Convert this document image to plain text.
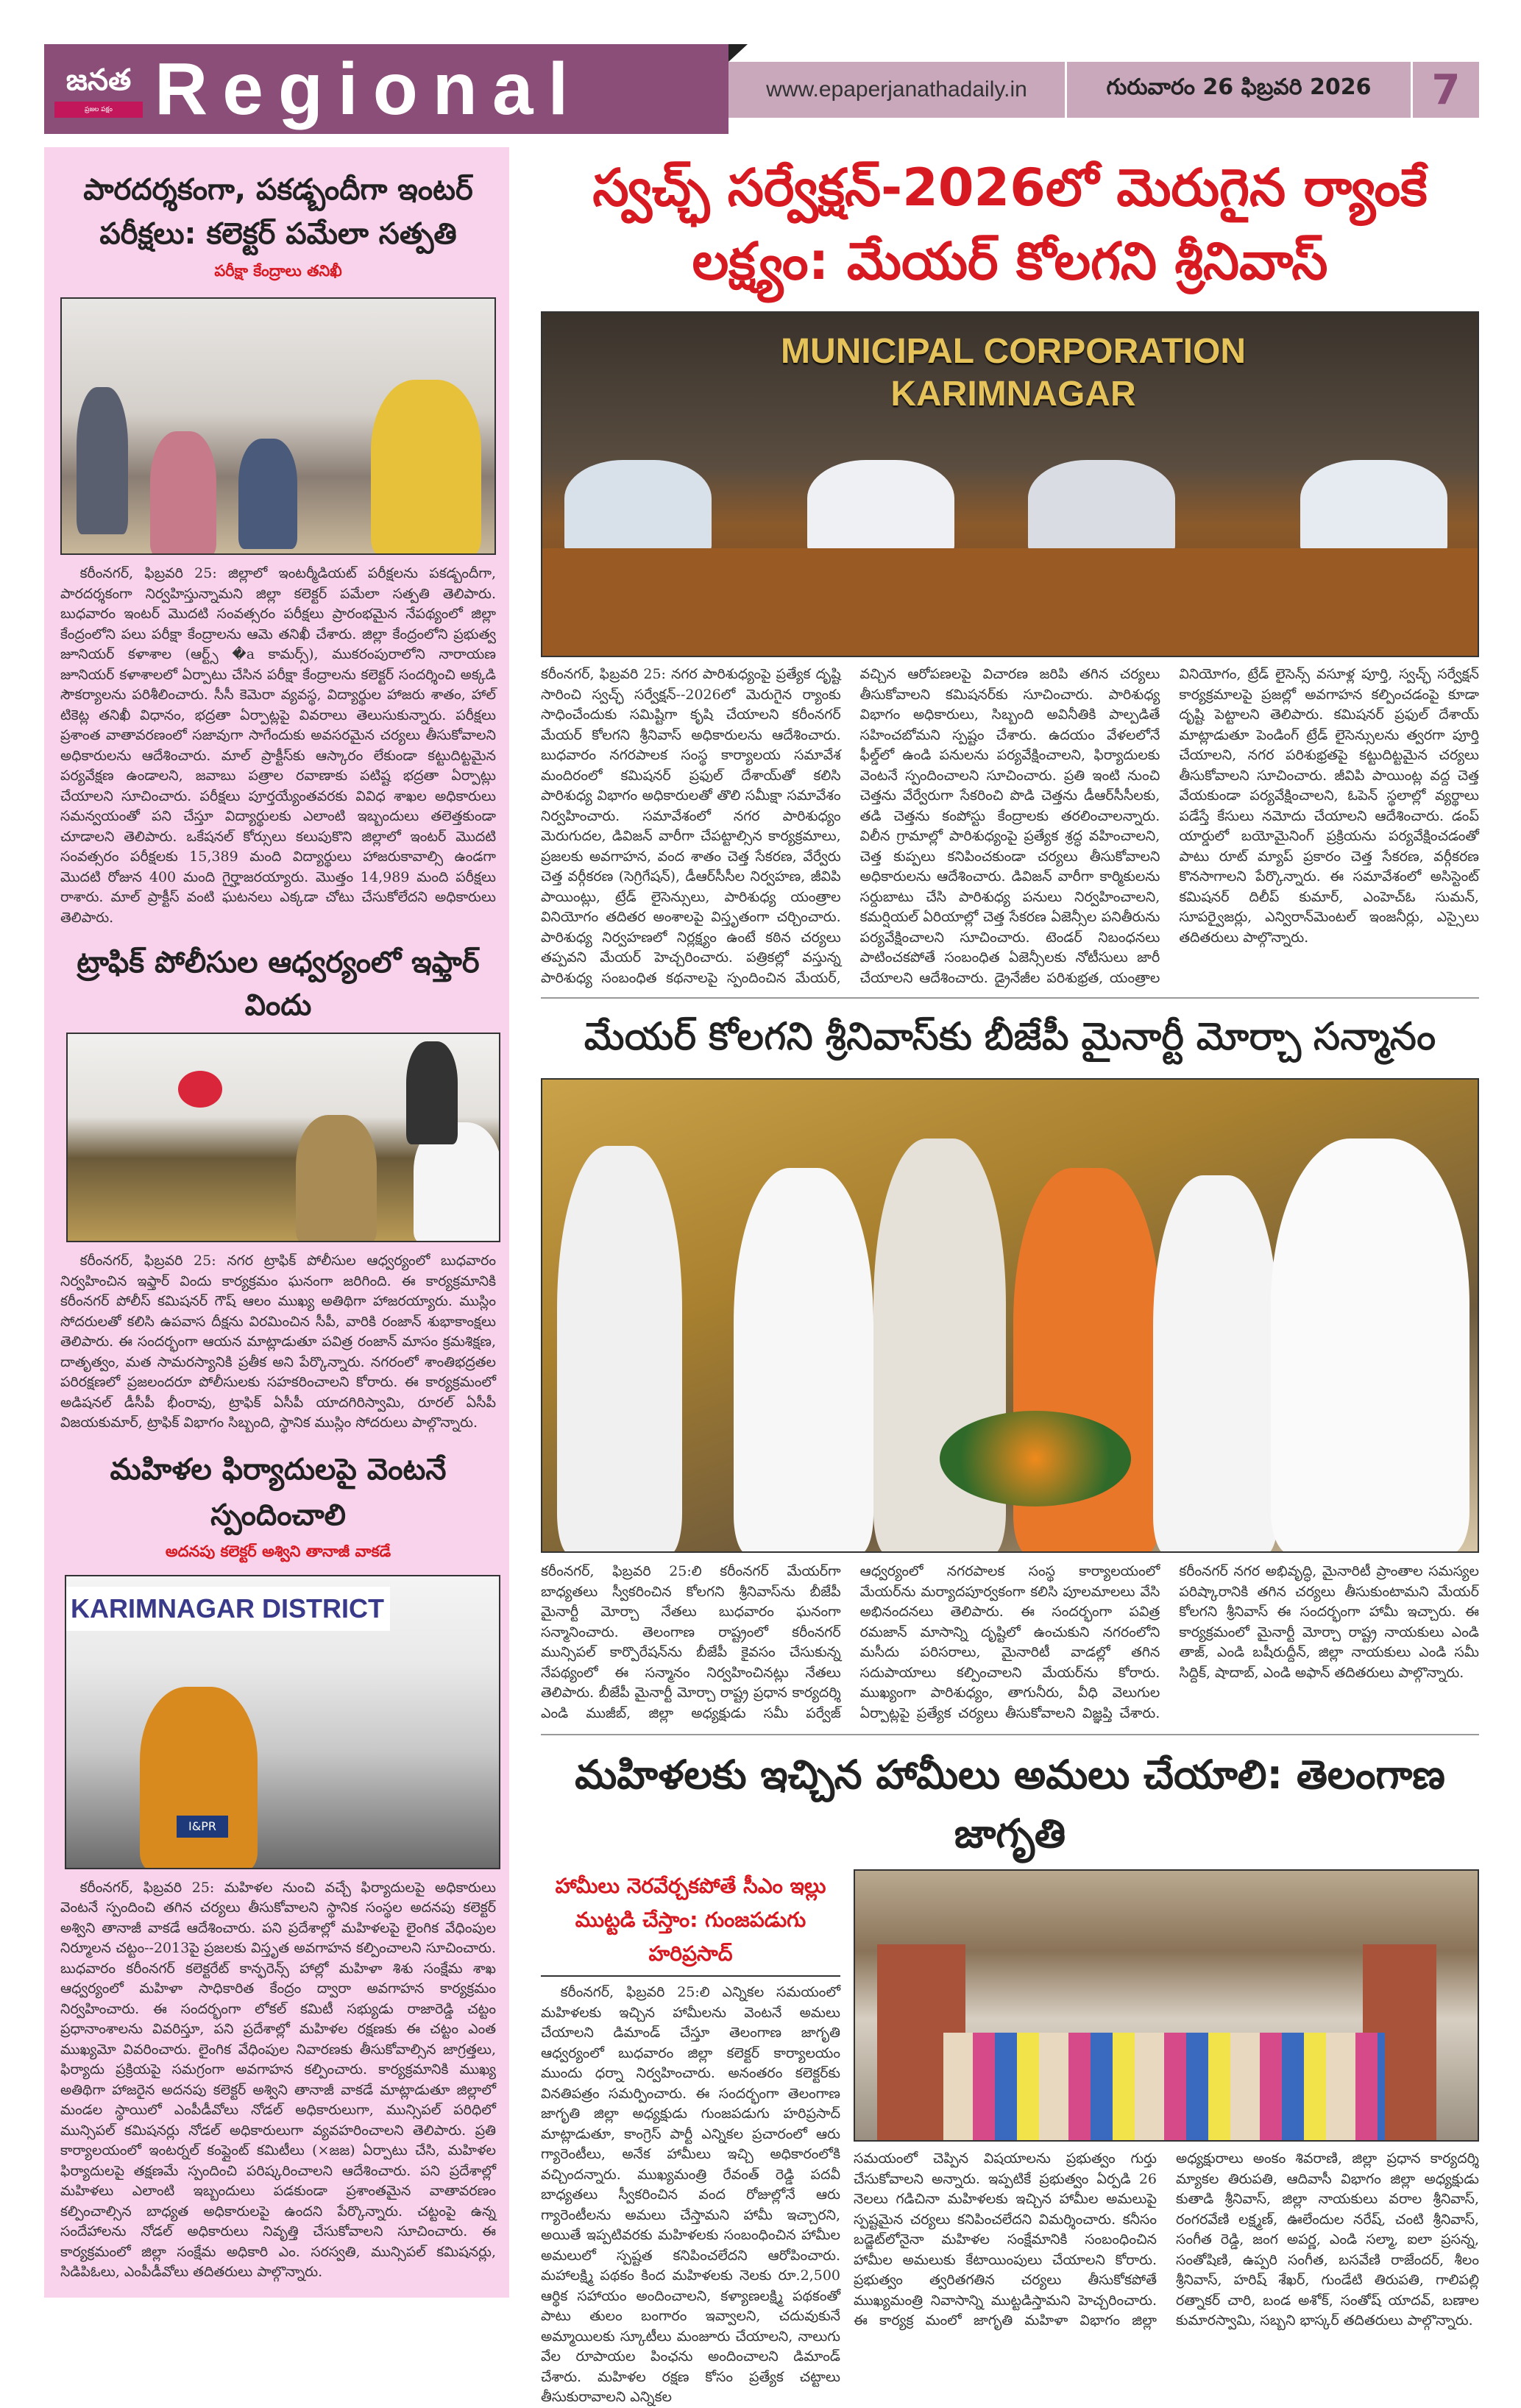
జనత
ప్రజల పక్షం Regional	www.epaperjanathadaily.in	గురువారం 26 ఫిబ్రవరి 2026	7
పారదర్శకంగా, పకడ్బందీగా ఇంటర్ పరీక్షలు: కలెక్టర్ పమేలా సత్పతి
పరీక్షా కేంద్రాలు తనిఖీ
కరీంనగర్, ఫిబ్రవరి 25: జిల్లాలో ఇంటర్మీడియట్ పరీక్షలను పకడ్బందీగా, పారదర్శకంగా నిర్వహిస్తున్నామని జిల్లా కలెక్టర్ పమేలా సత్పతి తెలిపారు. బుధవారం ఇంటర్ మొదటి సంవత్సరం పరీక్షలు ప్రారంభమైన నేపథ్యంలో జిల్లా కేంద్రంలోని పలు పరీక్షా కేంద్రాలను ఆమె తనిఖీ చేశారు. జిల్లా కేంద్రంలోని ప్రభుత్వ జూనియర్ కళాశాల (ఆర్ట్స్ �a కామర్స్), ముకరంపురాలోని నారాయణ జూనియర్ కళాశాలలో ఏర్పాటు చేసిన పరీక్షా కేంద్రాలను కలెక్టర్ సందర్శించి అక్కడి సౌకర్యాలను పరిశీలించారు. సీసీ కెమెరా వ్యవస్థ, విద్యార్థుల హాజరు శాతం, హాల్ టికెట్ల తనిఖీ విధానం, భద్రతా ఏర్పాట్లపై వివరాలు తెలుసుకున్నారు. పరీక్షలు ప్రశాంత వాతావరణంలో సజావుగా సాగేందుకు అవసరమైన చర్యలు తీసుకోవాలని అధికారులను ఆదేశించారు. మాల్ ప్రాక్టీస్‌కు ఆస్కారం లేకుండా కట్టుదిట్టమైన పర్యవేక్షణ ఉండాలని, జవాబు పత్రాల రవాణాకు పటిష్ట భద్రతా ఏర్పాట్లు చేయాలని సూచించారు. పరీక్షలు పూర్తయ్యేంతవరకు వివిధ శాఖల అధికారులు సమన్వయంతో పని చేస్తూ విద్యార్థులకు ఎలాంటి ఇబ్బందులు తలెత్తకుండా చూడాలని తెలిపారు. ఒకేషనల్ కోర్సులు కలుపుకొని జిల్లాలో ఇంటర్ మొదటి సంవత్సరం పరీక్షలకు 15,389 మంది విద్యార్థులు హాజరుకావాల్సి ఉండగా మొదటి రోజున 400 మంది గైర్హాజరయ్యారు. మొత్తం 14,989 మంది పరీక్షలు రాశారు. మాల్ ప్రాక్టీస్ వంటి ఘటనలు ఎక్కడా చోటు చేసుకోలేదని అధికారులు తెలిపారు.
ట్రాఫిక్ పోలీసుల ఆధ్వర్యంలో ఇఫ్తార్ విందు
కరీంనగర్, ఫిబ్రవరి 25: నగర ట్రాఫిక్ పోలీసుల ఆధ్వర్యంలో బుధవారం నిర్వహించిన ఇఫ్తార్ విందు కార్యక్రమం ఘనంగా జరిగింది. ఈ కార్యక్రమానికి కరీంనగర్ పోలీస్ కమిషనర్ గౌష్ ఆలం ముఖ్య అతిథిగా హాజరయ్యారు. ముస్లిం సోదరులతో కలిసి ఉపవాస దీక్షను విరమించిన సీపీ, వారికి రంజాన్ శుభాకాంక్షలు తెలిపారు. ఈ సందర్భంగా ఆయన మాట్లాడుతూ పవిత్ర రంజాన్ మాసం క్రమశిక్షణ, దాతృత్వం, మత సామరస్యానికి ప్రతీక అని పేర్కొన్నారు. నగరంలో శాంతిభద్రతల పరిరక్షణలో ప్రజలందరూ పోలీసులకు సహకరించాలని కోరారు. ఈ కార్యక్రమంలో అడిషనల్ డీసీపీ భీంరావు, ట్రాఫిక్ ఏసీపీ యాదగిరిస్వామి, రూరల్ ఏసీపీ విజయకుమార్, ట్రాఫిక్ విభాగం సిబ్బంది, స్థానిక ముస్లిం సోదరులు పాల్గొన్నారు.
మహిళల ఫిర్యాదులపై వెంటనే స్పందించాలి
అదనపు కలెక్టర్ అశ్విని తానాజీ వాకడే
KARIMNAGAR DISTRICT
I&PR
కరీంనగర్, ఫిబ్రవరి 25: మహిళల నుంచి వచ్చే ఫిర్యాదులపై అధికారులు వెంటనే స్పందించి తగిన చర్యలు తీసుకోవాలని స్థానిక సంస్థల అదనపు కలెక్టర్ అశ్విని తానాజీ వాకడే ఆదేశించారు. పని ప్రదేశాల్లో మహిళలపై లైంగిక వేధింపుల నిర్మూలన చట్టం--2013పై ప్రజలకు విస్తృత అవగాహన కల్పించాలని సూచించారు. బుధవారం కరీంనగర్ కలెక్టరేట్ కాన్ఫరెన్స్ హాల్లో మహిళా శిశు సంక్షేమ శాఖ ఆధ్వర్యంలో మహిళా సాధికారిత కేంద్రం ద్వారా అవగాహన కార్యక్రమం నిర్వహించారు. ఈ సందర్భంగా లోకల్ కమిటీ సభ్యుడు రాజారెడ్డి చట్టం ప్రధానాంశాలను వివరిస్తూ, పని ప్రదేశాల్లో మహిళల రక్షణకు ఈ చట్టం ఎంత ముఖ్యమో వివరించారు. లైంగిక వేధింపుల నివారణకు తీసుకోవాల్సిన జాగ్రత్తలు, ఫిర్యాదు ప్రక్రియపై సమగ్రంగా అవగాహన కల్పించారు. కార్యక్రమానికి ముఖ్య అతిథిగా హాజరైన అదనపు కలెక్టర్ అశ్విని తానాజీ వాకడే మాట్లాడుతూ జిల్లాలో మండల స్థాయిలో ఎంపీడీవోలు నోడల్ అధికారులుగా, మున్సిపల్ పరిధిలో మున్సిపల్ కమిషనర్లు నోడల్ అధికారులుగా వ్యవహరించాలని తెలిపారు. ప్రతి కార్యాలయంలో ఇంటర్నల్ కంప్లైంట్ కమిటీలు (×జజ) ఏర్పాటు చేసి, మహిళల ఫిర్యాదులపై తక్షణమే స్పందించి పరిష్కరించాలని ఆదేశించారు. పని ప్రదేశాల్లో మహిళలు ఎలాంటి ఇబ్బందులు పడకుండా ప్రశాంతమైన వాతావరణం కల్పించాల్సిన బాధ్యత అధికారులపై ఉందని పేర్కొన్నారు. చట్టంపై ఉన్న సందేహాలను నోడల్ అధికారులు నివృత్తి చేసుకోవాలని సూచించారు. ఈ కార్యక్రమంలో జిల్లా సంక్షేమ అధికారి ఎం. సరస్వతి, మున్సిపల్ కమిషనర్లు, సిడిపిఓలు, ఎంపీడీవోలు తదితరులు పాల్గొన్నారు.
స్వచ్ఛ్ సర్వేక్షన్-2026లో మెరుగైన ర్యాంకే లక్ష్యం: మేయర్ కోలగని శ్రీనివాస్
MUNICIPAL CORPORATION KARIMNAGAR
కరీంనగర్, ఫిబ్రవరి 25: నగర పారిశుధ్యంపై ప్రత్యేక దృష్టి సారించి స్వచ్ఛ్ సర్వేక్షన్--2026లో మెరుగైన ర్యాంకు సాధించేందుకు సమిష్టిగా కృషి చేయాలని కరీంనగర్ మేయర్ కోలగని శ్రీనివాస్ అధికారులను ఆదేశించారు. బుధవారం నగరపాలక సంస్థ కార్యాలయ సమావేశ మందిరంలో కమిషనర్ ప్రఫుల్ దేశాయ్‌తో కలిసి పారిశుధ్య విభాగం అధికారులతో తొలి సమీక్షా సమావేశం నిర్వహించారు. సమావేశంలో నగర పారిశుధ్యం మెరుగుదల, డివిజన్ వారీగా చేపట్టాల్సిన కార్యక్రమాలు, ప్రజలకు అవగాహన, వంద శాతం చెత్త సేకరణ, వేర్వేరు చెత్త వర్గీకరణ (సెగ్రిగేషన్), డీఆర్‌సీసీల నిర్వహణ, జీవిపి పాయింట్లు, ట్రేడ్ లైసెన్సులు, పారిశుధ్య యంత్రాల వినియోగం తదితర అంశాలపై విస్తృతంగా చర్చించారు. పారిశుధ్య నిర్వహణలో నిర్లక్ష్యం ఉంటే కఠిన చర్యలు తప్పవని మేయర్ హెచ్చరించారు. పత్రికల్లో వస్తున్న పారిశుధ్య సంబంధిత కథనాలపై స్పందించిన మేయర్, వచ్చిన ఆరోపణలపై విచారణ జరిపి తగిన చర్యలు తీసుకోవాలని కమిషనర్‌కు సూచించారు. పారిశుధ్య విభాగం అధికారులు, సిబ్బంది అవినీతికి పాల్పడితే సహించబోమని స్పష్టం చేశారు. ఉదయం వేళలలోనే ఫీల్డ్‌లో ఉండి పనులను పర్యవేక్షించాలని, ఫిర్యాదులకు వెంటనే స్పందించాలని సూచించారు. ప్రతి ఇంటి నుంచి చెత్తను వేర్వేరుగా సేకరించి పొడి చెత్తను డీఆర్‌సీసీలకు, తడి చెత్తను కంపోస్టు కేంద్రాలకు తరలించాలన్నారు. విలీన గ్రామాల్లో పారిశుధ్యంపై ప్రత్యేక శ్రద్ధ వహించాలని, చెత్త కుప్పలు కనిపించకుండా చర్యలు తీసుకోవాలని అధికారులను ఆదేశించారు. డివిజన్ వారీగా కార్మికులను సర్దుబాటు చేసి పారిశుధ్య పనులు నిర్వహించాలని, కమర్షియల్ ఏరియాల్లో చెత్త సేకరణ ఏజెన్సీల పనితీరును పర్యవేక్షించాలని సూచించారు. టెండర్ నిబంధనలు పాటించకపోతే సంబంధిత ఏజెన్సీలకు నోటీసులు జారీ చేయాలని ఆదేశించారు. డ్రైనేజీల పరిశుభ్రత, యంత్రాల వినియోగం, ట్రేడ్ లైసెన్స్ వసూళ్ల పూర్తి, స్వచ్ఛ్ సర్వేక్షన్ కార్యక్రమాలపై ప్రజల్లో అవగాహన కల్పించడంపై కూడా దృష్టి పెట్టాలని తెలిపారు. కమిషనర్ ప్రఫుల్ దేశాయ్ మాట్లాడుతూ పెండింగ్ ట్రేడ్ లైసెన్సులను త్వరగా పూర్తి చేయాలని, నగర పరిశుభ్రతపై కట్టుదిట్టమైన చర్యలు తీసుకోవాలని సూచించారు. జీవిపి పాయింట్ల వద్ద చెత్త వేయకుండా పర్యవేక్షించాలని, ఓపెన్ స్థలాల్లో వ్యర్థాలు పడేస్తే కేసులు నమోదు చేయాలని ఆదేశించారు. డంప్ యార్డులో బయోమైనింగ్ ప్రక్రియను పర్యవేక్షించడంతో పాటు రూట్ మ్యాప్ ప్రకారం చెత్త సేకరణ, వర్గీకరణ కొనసాగాలని పేర్కొన్నారు. ఈ సమావేశంలో అసిస్టెంట్ కమిషనర్ దిలీప్ కుమార్, ఎంహెచ్‌ఓ సుమన్, సూపర్వైజర్లు, ఎన్విరాన్‌మెంటల్ ఇంజనీర్లు, ఎస్సైలు తదితరులు పాల్గొన్నారు.
మేయర్ కోలగని శ్రీనివాస్‌కు బీజేపీ మైనార్టీ మోర్చా సన్మానం
కరీంనగర్, ఫిబ్రవరి 25:లి కరీంనగర్ మేయర్‌గా బాధ్యతలు స్వీకరించిన కోలగని శ్రీనివాస్‌ను బీజేపీ మైనార్టీ మోర్చా నేతలు బుధవారం ఘనంగా సన్మానించారు. తెలంగాణ రాష్ట్రంలో కరీంనగర్ మున్సిపల్ కార్పొరేషన్‌ను బీజేపీ కైవసం చేసుకున్న నేపథ్యంలో ఈ సన్మానం నిర్వహించినట్లు నేతలు తెలిపారు. బీజేపీ మైనార్టీ మోర్చా రాష్ట్ర ప్రధాన కార్యదర్శి ఎండి ముజీబ్, జిల్లా అధ్యక్షుడు సమీ పర్వేజ్ ఆధ్వర్యంలో నగరపాలక సంస్థ కార్యాలయంలో మేయర్‌ను మర్యాదపూర్వకంగా కలిసి పూలమాలలు వేసి అభినందనలు తెలిపారు. ఈ సందర్భంగా పవిత్ర రమజాన్ మాసాన్ని దృష్టిలో ఉంచుకుని నగరంలోని మసీదు పరిసరాలు, మైనారిటీ వాడల్లో తగిన సదుపాయాలు కల్పించాలని మేయర్‌ను కోరారు. ముఖ్యంగా పారిశుధ్యం, తాగునీరు, వీధి వెలుగుల ఏర్పాట్లపై ప్రత్యేక చర్యలు తీసుకోవాలని విజ్ఞప్తి చేశారు. కరీంనగర్ నగర అభివృద్ధి, మైనారిటీ ప్రాంతాల సమస్యల పరిష్కారానికి తగిన చర్యలు తీసుకుంటామని మేయర్ కోలగని శ్రీనివాస్ ఈ సందర్భంగా హామీ ఇచ్చారు. ఈ కార్యక్రమంలో మైనార్టీ మోర్చా రాష్ట్ర నాయకులు ఎండి తాజ్, ఎండి బషీరుద్దీన్, జిల్లా నాయకులు ఎండి సమీ సిద్దిక్, షాదాబ్, ఎండి అఫాన్ తదితరులు పాల్గొన్నారు.
మహిళలకు ఇచ్చిన హామీలు అమలు చేయాలి: తెలంగాణ జాగృతి
హామీలు నెరవేర్చకపోతే సీఎం ఇల్లు ముట్టడి చేస్తాం: గుంజపడుగు హరిప్రసాద్
కరీంనగర్, ఫిబ్రవరి 25:లి ఎన్నికల సమయంలో మహిళలకు ఇచ్చిన హామీలను వెంటనే అమలు చేయాలని డిమాండ్ చేస్తూ తెలంగాణ జాగృతి ఆధ్వర్యంలో బుధవారం జిల్లా కలెక్టర్ కార్యాలయం ముందు ధర్నా నిర్వహించారు. అనంతరం కలెక్టర్‌కు వినతిపత్రం సమర్పించారు. ఈ సందర్భంగా తెలంగాణ జాగృతి జిల్లా అధ్యక్షుడు గుంజపడుగు హరిప్రసాద్ మాట్లాడుతూ, కాంగ్రెస్ పార్టీ ఎన్నికల ప్రచారంలో ఆరు గ్యారెంటీలు, అనేక హామీలు ఇచ్చి అధికారంలోకి వచ్చిందన్నారు. ముఖ్యమంత్రి రేవంత్ రెడ్డి పదవీ బాధ్యతలు స్వీకరించిన వంద రోజుల్లోనే ఆరు గ్యారెంటీలను అమలు చేస్తామని హామీ ఇచ్చారని, అయితే ఇప్పటివరకు మహిళలకు సంబంధించిన హామీల అమలులో స్పష్టత కనిపించలేదని ఆరోపించారు. మహాలక్ష్మి పథకం కింద మహిళలకు నెలకు రూ.2,500 ఆర్థిక సహాయం అందించాలని, కళ్యాణలక్ష్మి పథకంతో పాటు తులం బంగారం ఇవ్వాలని, చదువుకునే అమ్మాయిలకు స్కూటీలు మంజూరు చేయాలని, నాలుగు వేల రూపాయల పింఛను అందించాలని డిమాండ్ చేశారు. మహిళల రక్షణ కోసం ప్రత్యేక చట్టాలు తీసుకురావాలని ఎన్నికల
సమయంలో చెప్పిన విషయాలను ప్రభుత్వం గుర్తు చేసుకోవాలని అన్నారు. ఇప్పటికే ప్రభుత్వం ఏర్పడి 26 నెలలు గడిచినా మహిళలకు ఇచ్చిన హామీల అమలుపై స్పష్టమైన చర్యలు కనిపించలేదని విమర్శించారు. కనీసం బడ్జెట్‌లోనైనా మహిళల సంక్షేమానికి సంబంధించిన హామీల అమలుకు కేటాయింపులు చేయాలని కోరారు. ప్రభుత్వం త్వరితగతిన చర్యలు తీసుకోకపోతే ముఖ్యమంత్రి నివాసాన్ని ముట్టడిస్తామని హెచ్చరించారు. ఈ కార్యక్ర మంలో జాగృతి మహిళా విభాగం జిల్లా అధ్యక్షురాలు అంకం శివరాణి, జిల్లా ప్రధాన కార్యదర్శి మ్యాకల తిరుపతి, ఆదివాసీ విభాగం జిల్లా అధ్యక్షుడు కుతాడి శ్రీనివాస్, జిల్లా నాయకులు వరాల శ్రీనివాస్, రంగరవేణి లక్ష్మణ్, ఊలేందుల నరేష్, చంటి శ్రీనివాస్, సంగీత రెడ్డి, జంగ అపర్ణ, ఎండి సల్మా, ఐలా ప్రసన్న, సంతోషిణి, ఉప్పరి సంగీత, బసవేణి రాజేందర్, శీలం శ్రీనివాస్, హరిష్ శేఖర్, గుండేటి తిరుపతి, గాలిపల్లి రత్నాకర్ చారి, బండ అశోక్, సంతోష్ యాదవ్, బణాల కుమారస్వామి, సబ్బని భాస్కర్ తదితరులు పాల్గొన్నారు.
